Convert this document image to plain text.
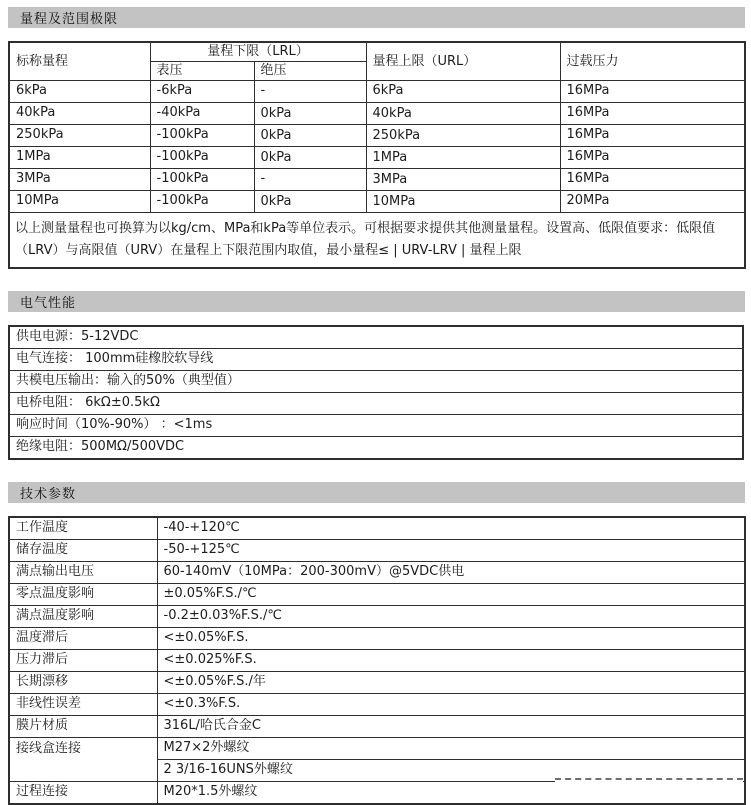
量程及范围极限
标称量程	量程下限（LRL）		量程上限（URL）	过载压力
	表压	绝压		
6kPa	-6kPa	-	6kPa	16MPa
40kPa	-40kPa	0kPa	40kPa	16MPa
250kPa	-100kPa	0kPa	250kPa	16MPa
1MPa	-100kPa	0kPa	1MPa	16MPa
3MPa	-100kPa	-	3MPa	16MPa
10MPa	-100kPa	0kPa	10MPa	20MPa
以上测量量程也可换算为以kg/cm、MPa和kPa等单位表示。可根据要求提供其他测量量程。设置高、低限值要求：低限值（LRV）与高限值（URV）在量程上下限范围内取值，最小量程≤ | URV-LRV | 量程上限				
电气性能
供电电源：5-12VDC
电气连接： 100mm硅橡胶软导线
共模电压输出：输入的50%（典型值）
电桥电阻： 6kΩ±0.5kΩ
响应时间（10%-90%） ：<1ms
绝缘电阻：500MΩ/500VDC
技术参数
工作温度	-40-+120℃
储存温度	-50-+125℃
满点输出电压	60-140mV（10MPa：200-300mV）@5VDC供电
零点温度影响	±0.05%F.S./℃
满点温度影响	-0.2±0.03%F.S./℃
温度滞后	<±0.05%F.S.
压力滞后	<±0.025%F.S.
长期漂移	<±0.05%F.S./年
非线性误差	<±0.3%F.S.
膜片材质	316L/哈氏合金C
接线盒连接	M27×2外螺纹
	2 3/16-16UNS外螺纹
过程连接	M20*1.5外螺纹
